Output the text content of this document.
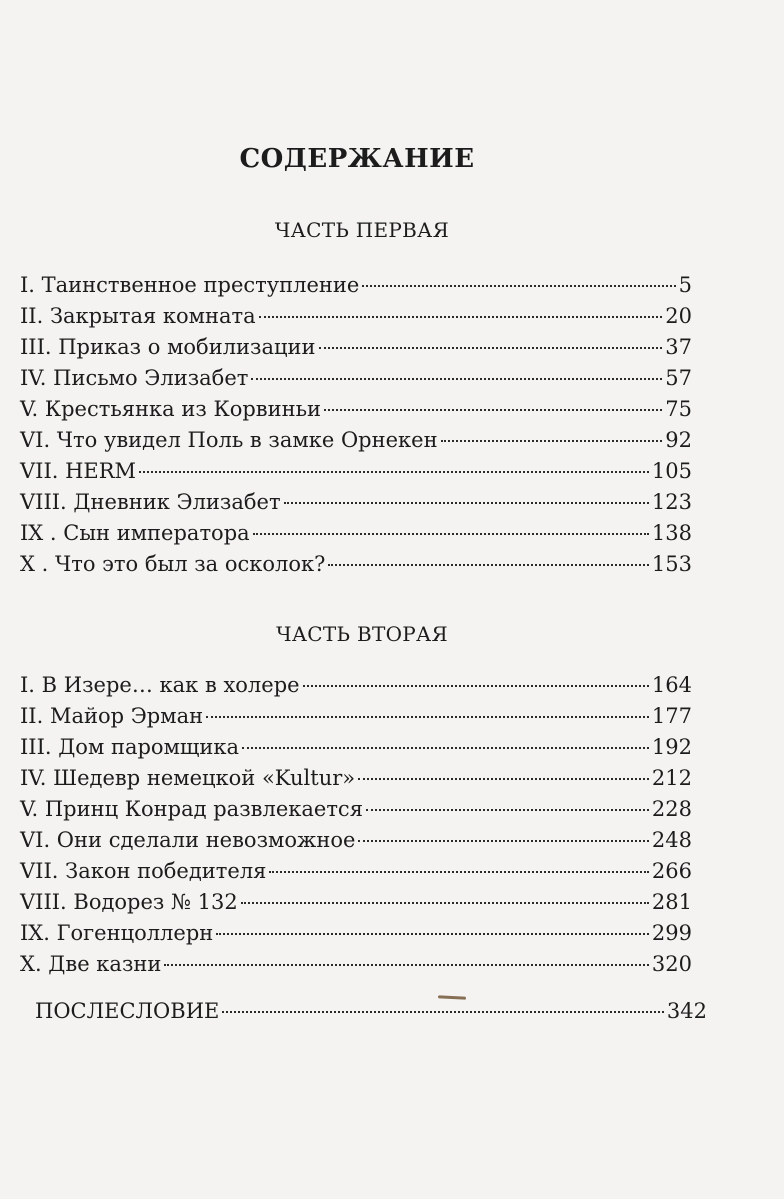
СОДЕРЖАНИЕ
ЧАСТЬ ПЕРВАЯ
I. Таинственное преступление	5
II. Закрытая комната	20
III. Приказ о мобилизации	37
IV. Письмо Элизабет	57
V. Крестьянка из Корвиньи	75
VI. Что увидел Поль в замке Орнекен	92
VII. HERM	105
VIII. Дневник Элизабет	123
IX . Сын императора	138
X . Что это был за осколок?	153
ЧАСТЬ ВТОРАЯ
I. В Изере… как в холере	164
II. Майор Эрман	177
III. Дом паромщика	192
IV. Шедевр немецкой «Kultur»	212
V. Принц Конрад развлекается	228
VI. Они сделали невозможное	248
VII. Закон победителя	266
VIII. Водорез № 132	281
IX. Гогенцоллерн	299
X. Две казни	320
ПОСЛЕСЛОВИЕ	342
